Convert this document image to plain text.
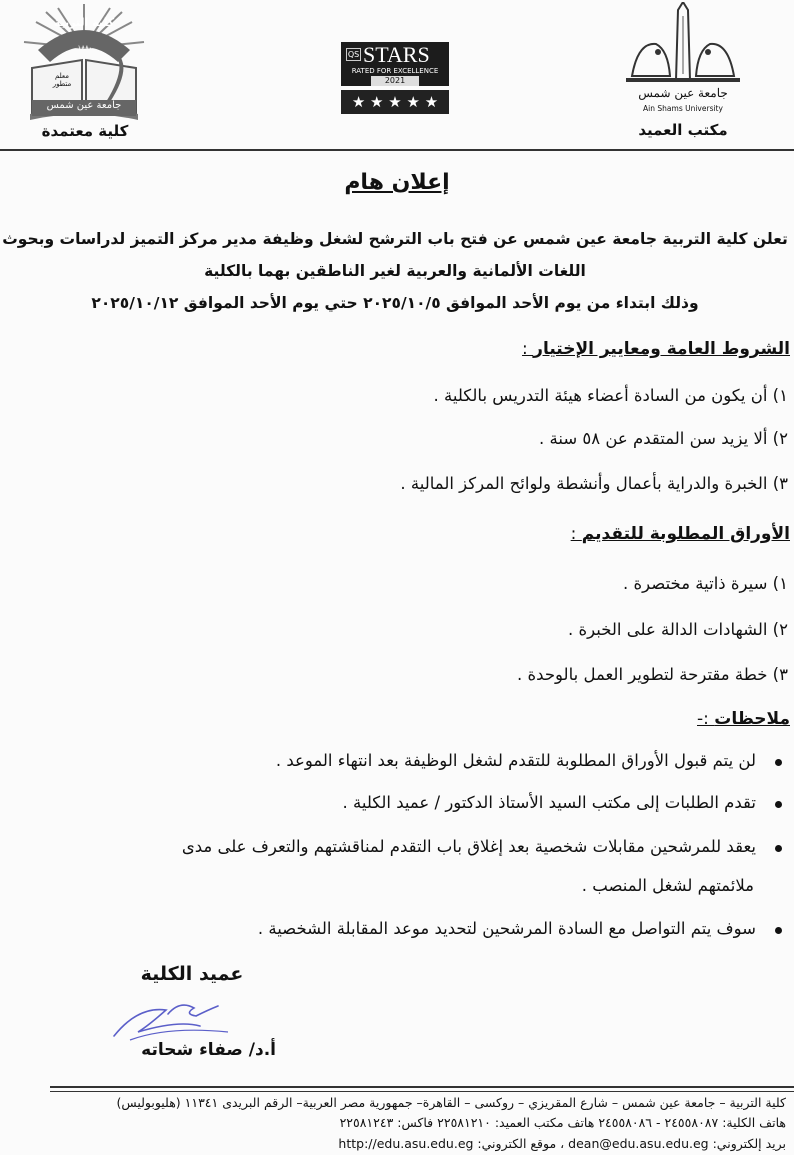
كلية التربية
١٨٨٠
معلم متطور
جامعة عين شمس
كلية معتمدة
QS STARS
RATED FOR EXCELLENCE
2021
★ ★ ★ ★ ★	جامعة عين شمس
Ain Shams University
مكتب العميد
إعلان هام
تعلن كلية التربية جامعة عين شمس عن فتح باب الترشح لشغل وظيفة مدير مركز التميز لدراسات وبحوث
اللغات الألمانية والعربية لغير الناطقين بهما بالكلية
وذلك ابتداء من يوم الأحد الموافق ٢٠٢٥/١٠/٥ حتي يوم الأحد الموافق ٢٠٢٥/١٠/١٢
الشروط العامة ومعايير الإختيار :
١) أن يكون من السادة أعضاء هيئة التدريس بالكلية .
٢) ألا يزيد سن المتقدم عن ٥٨ سنة .
٣) الخبرة والدراية بأعمال وأنشطة ولوائح المركز المالية .
الأوراق المطلوبة للتقديم :
١) سيرة ذاتية مختصرة .
٢) الشهادات الدالة على الخبرة .
٣) خطة مقترحة لتطوير العمل بالوحدة .
ملاحظات :-
لن يتم قبول الأوراق المطلوبة للتقدم لشغل الوظيفة بعد انتهاء الموعد .
تقدم الطلبات إلى مكتب السيد الأستاذ الدكتور / عميد الكلية .
يعقد للمرشحين مقابلات شخصية بعد إغلاق باب التقدم لمناقشتهم والتعرف على مدى
ملائمتهم لشغل المنصب .
سوف يتم التواصل مع السادة المرشحين لتحديد موعد المقابلة الشخصية .
عميد الكلية
أ.د/ صفاء شحاته
كلية التربية – جامعة عين شمس – شارع المقريزي – روكسى – القاهرة– جمهورية مصر العربية– الرقم البريدى ١١٣٤١ (هليوبوليس)
هاتف الكلية: ٢٤٥٥٨٠٨٧ - ٢٤٥٥٨٠٨٦ هاتف مكتب العميد: ٢٢٥٨١٢١٠ فاكس: ٢٢٥٨١٢٤٣
بريد إلكتروني: dean@edu.asu.edu.eg ، موقع الكتروني: http://edu.asu.edu.eg
